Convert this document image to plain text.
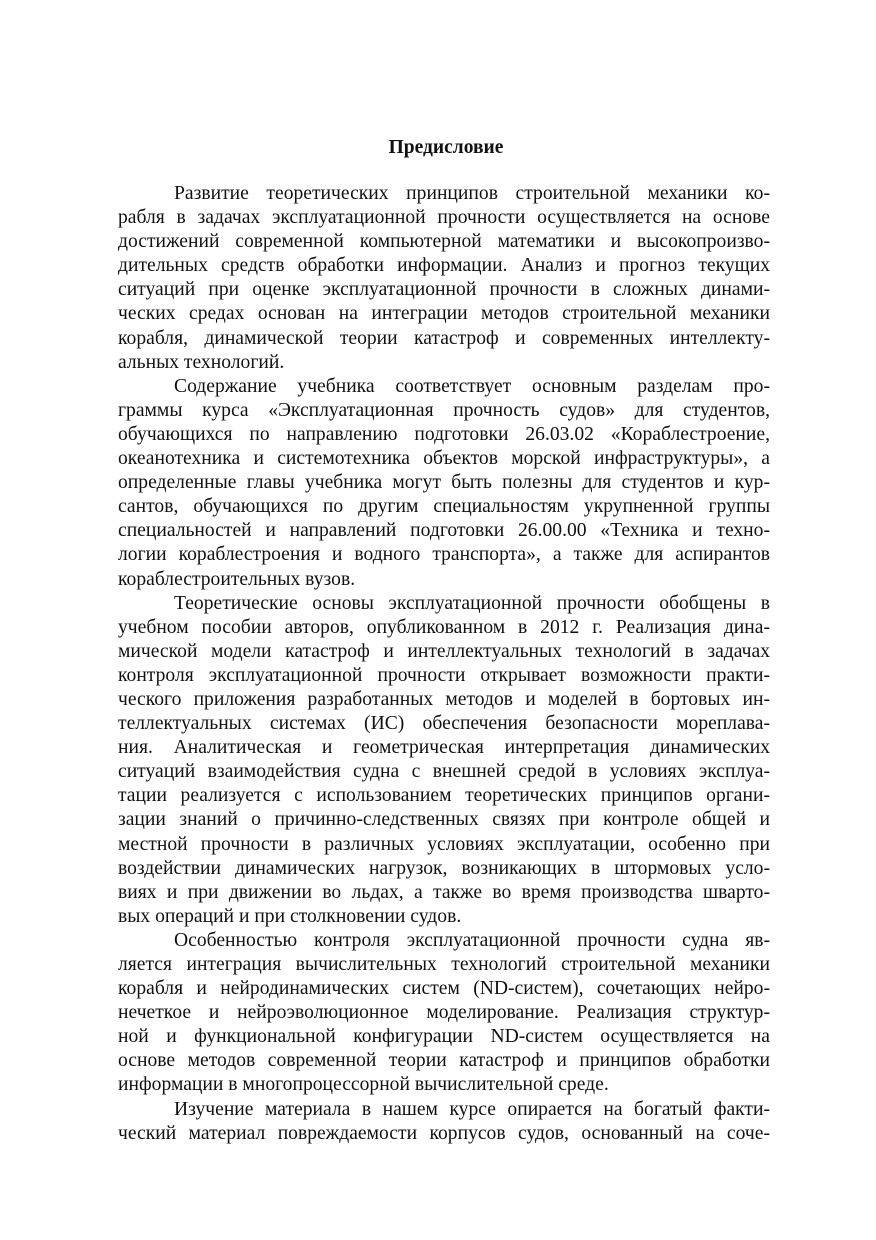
Предисловие
Развитие теоретических принципов строительной механики ко-
рабля в задачах эксплуатационной прочности осуществляется на основе
достижений современной компьютерной математики и высокопроизво-
дительных средств обработки информации. Анализ и прогноз текущих
ситуаций при оценке эксплуатационной прочности в сложных динами-
ческих средах основан на интеграции методов строительной механики
корабля, динамической теории катастроф и современных интеллекту-
альных технологий.
Содержание учебника соответствует основным разделам про-
граммы курса «Эксплуатационная прочность судов» для студентов,
обучающихся по направлению подготовки 26.03.02 «Кораблестроение,
океанотехника и системотехника объектов морской инфраструктуры», а
определенные главы учебника могут быть полезны для студентов и кур-
сантов, обучающихся по другим специальностям укрупненной группы
специальностей и направлений подготовки 26.00.00 «Техника и техно-
логии кораблестроения и водного транспорта», а также для аспирантов
кораблестроительных вузов.
Теоретические основы эксплуатационной прочности обобщены в
учебном пособии авторов, опубликованном в 2012 г. Реализация дина-
мической модели катастроф и интеллектуальных технологий в задачах
контроля эксплуатационной прочности открывает возможности практи-
ческого приложения разработанных методов и моделей в бортовых ин-
теллектуальных системах (ИС) обеспечения безопасности мореплава-
ния. Аналитическая и геометрическая интерпретация динамических
ситуаций взаимодействия судна с внешней средой в условиях эксплуа-
тации реализуется с использованием теоретических принципов органи-
зации знаний о причинно-следственных связях при контроле общей и
местной прочности в различных условиях эксплуатации, особенно при
воздействии динамических нагрузок, возникающих в штормовых усло-
виях и при движении во льдах, а также во время производства шварто-
вых операций и при столкновении судов.
Особенностью контроля эксплуатационной прочности судна яв-
ляется интеграция вычислительных технологий строительной механики
корабля и нейродинамических систем (ND-систем), сочетающих нейро-
нечеткое и нейроэволюционное моделирование. Реализация структур-
ной и функциональной конфигурации ND-систем осуществляется на
основе методов современной теории катастроф и принципов обработки
информации в многопроцессорной вычислительной среде.
Изучение материала в нашем курсе опирается на богатый факти-
ческий материал повреждаемости корпусов судов, основанный на соче-
